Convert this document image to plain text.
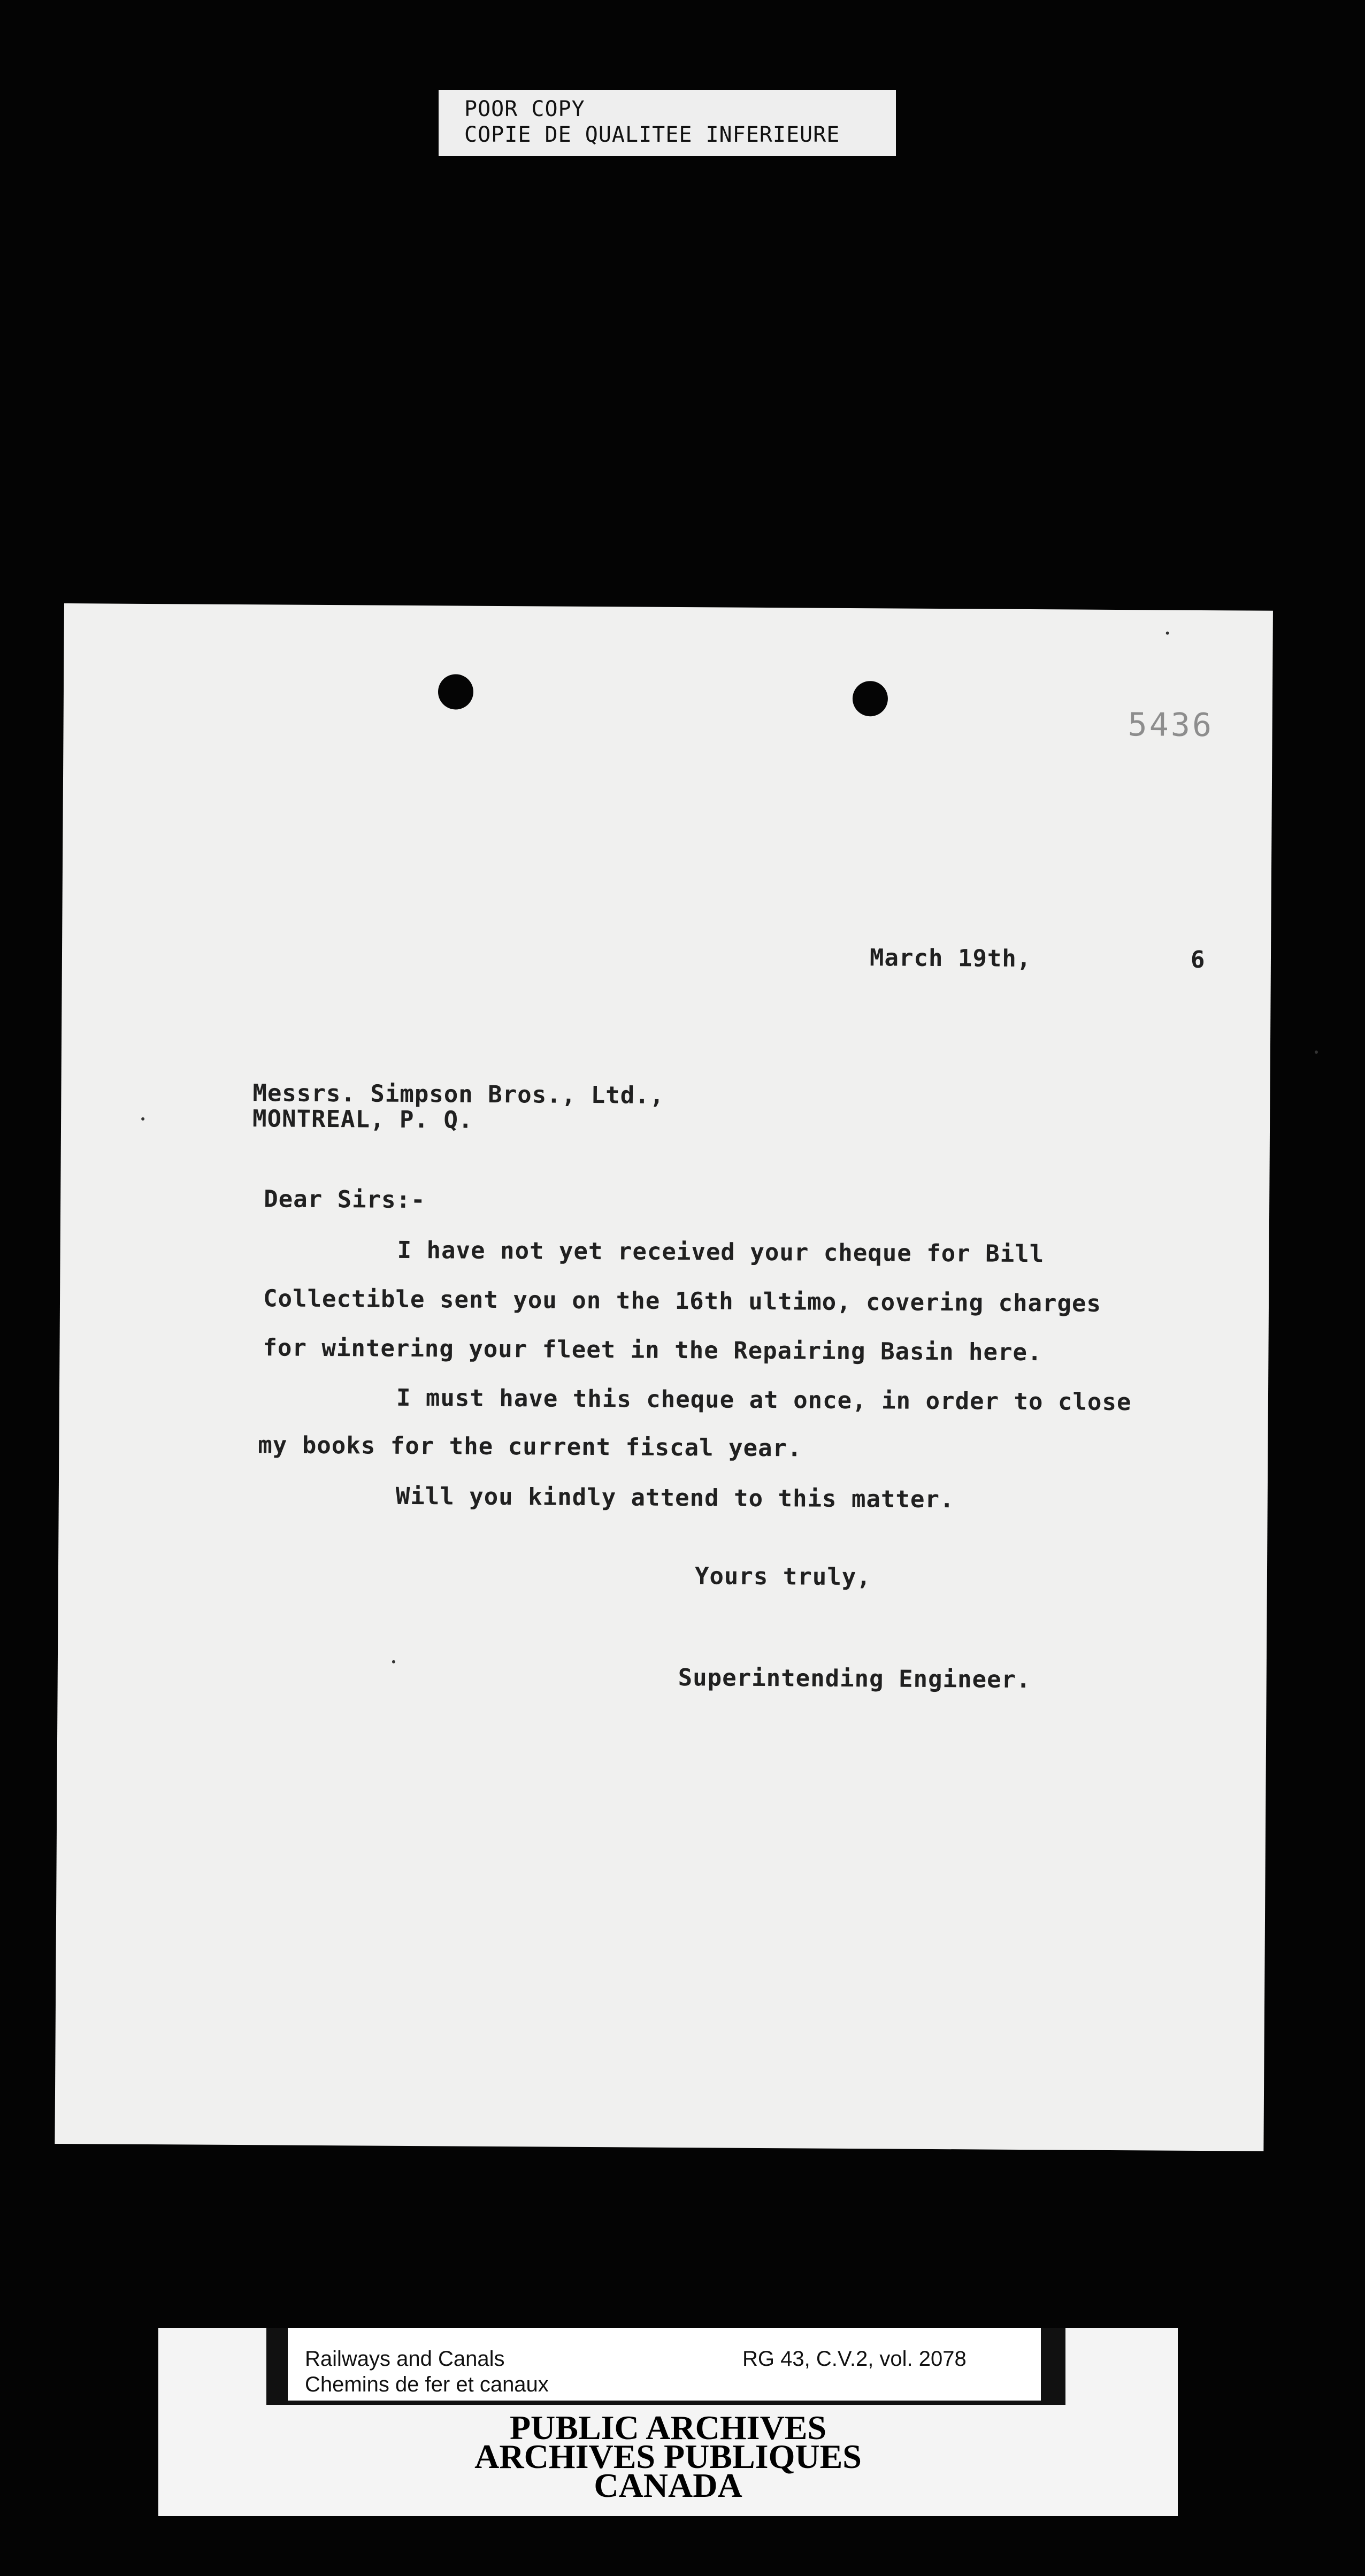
POOR COPY
COPIE DE QUALITEE INFERIEURE
5436
March 19th,	6
Messrs. Simpson Bros., Ltd.,
MONTREAL, P. Q.
Dear Sirs:-
I have not yet received your cheque for Bill
Collectible sent you on the 16th ultimo, covering charges
for wintering your fleet in the Repairing Basin here.
I must have this cheque at once, in order to close
my books for the current fiscal year.
Will you kindly attend to this matter.
Yours truly,
Superintending Engineer.
Railways and Canals
Chemins de fer et canaux
RG 43, C.V.2, vol. 2078
PUBLIC ARCHIVES
ARCHIVES PUBLIQUES
CANADA
